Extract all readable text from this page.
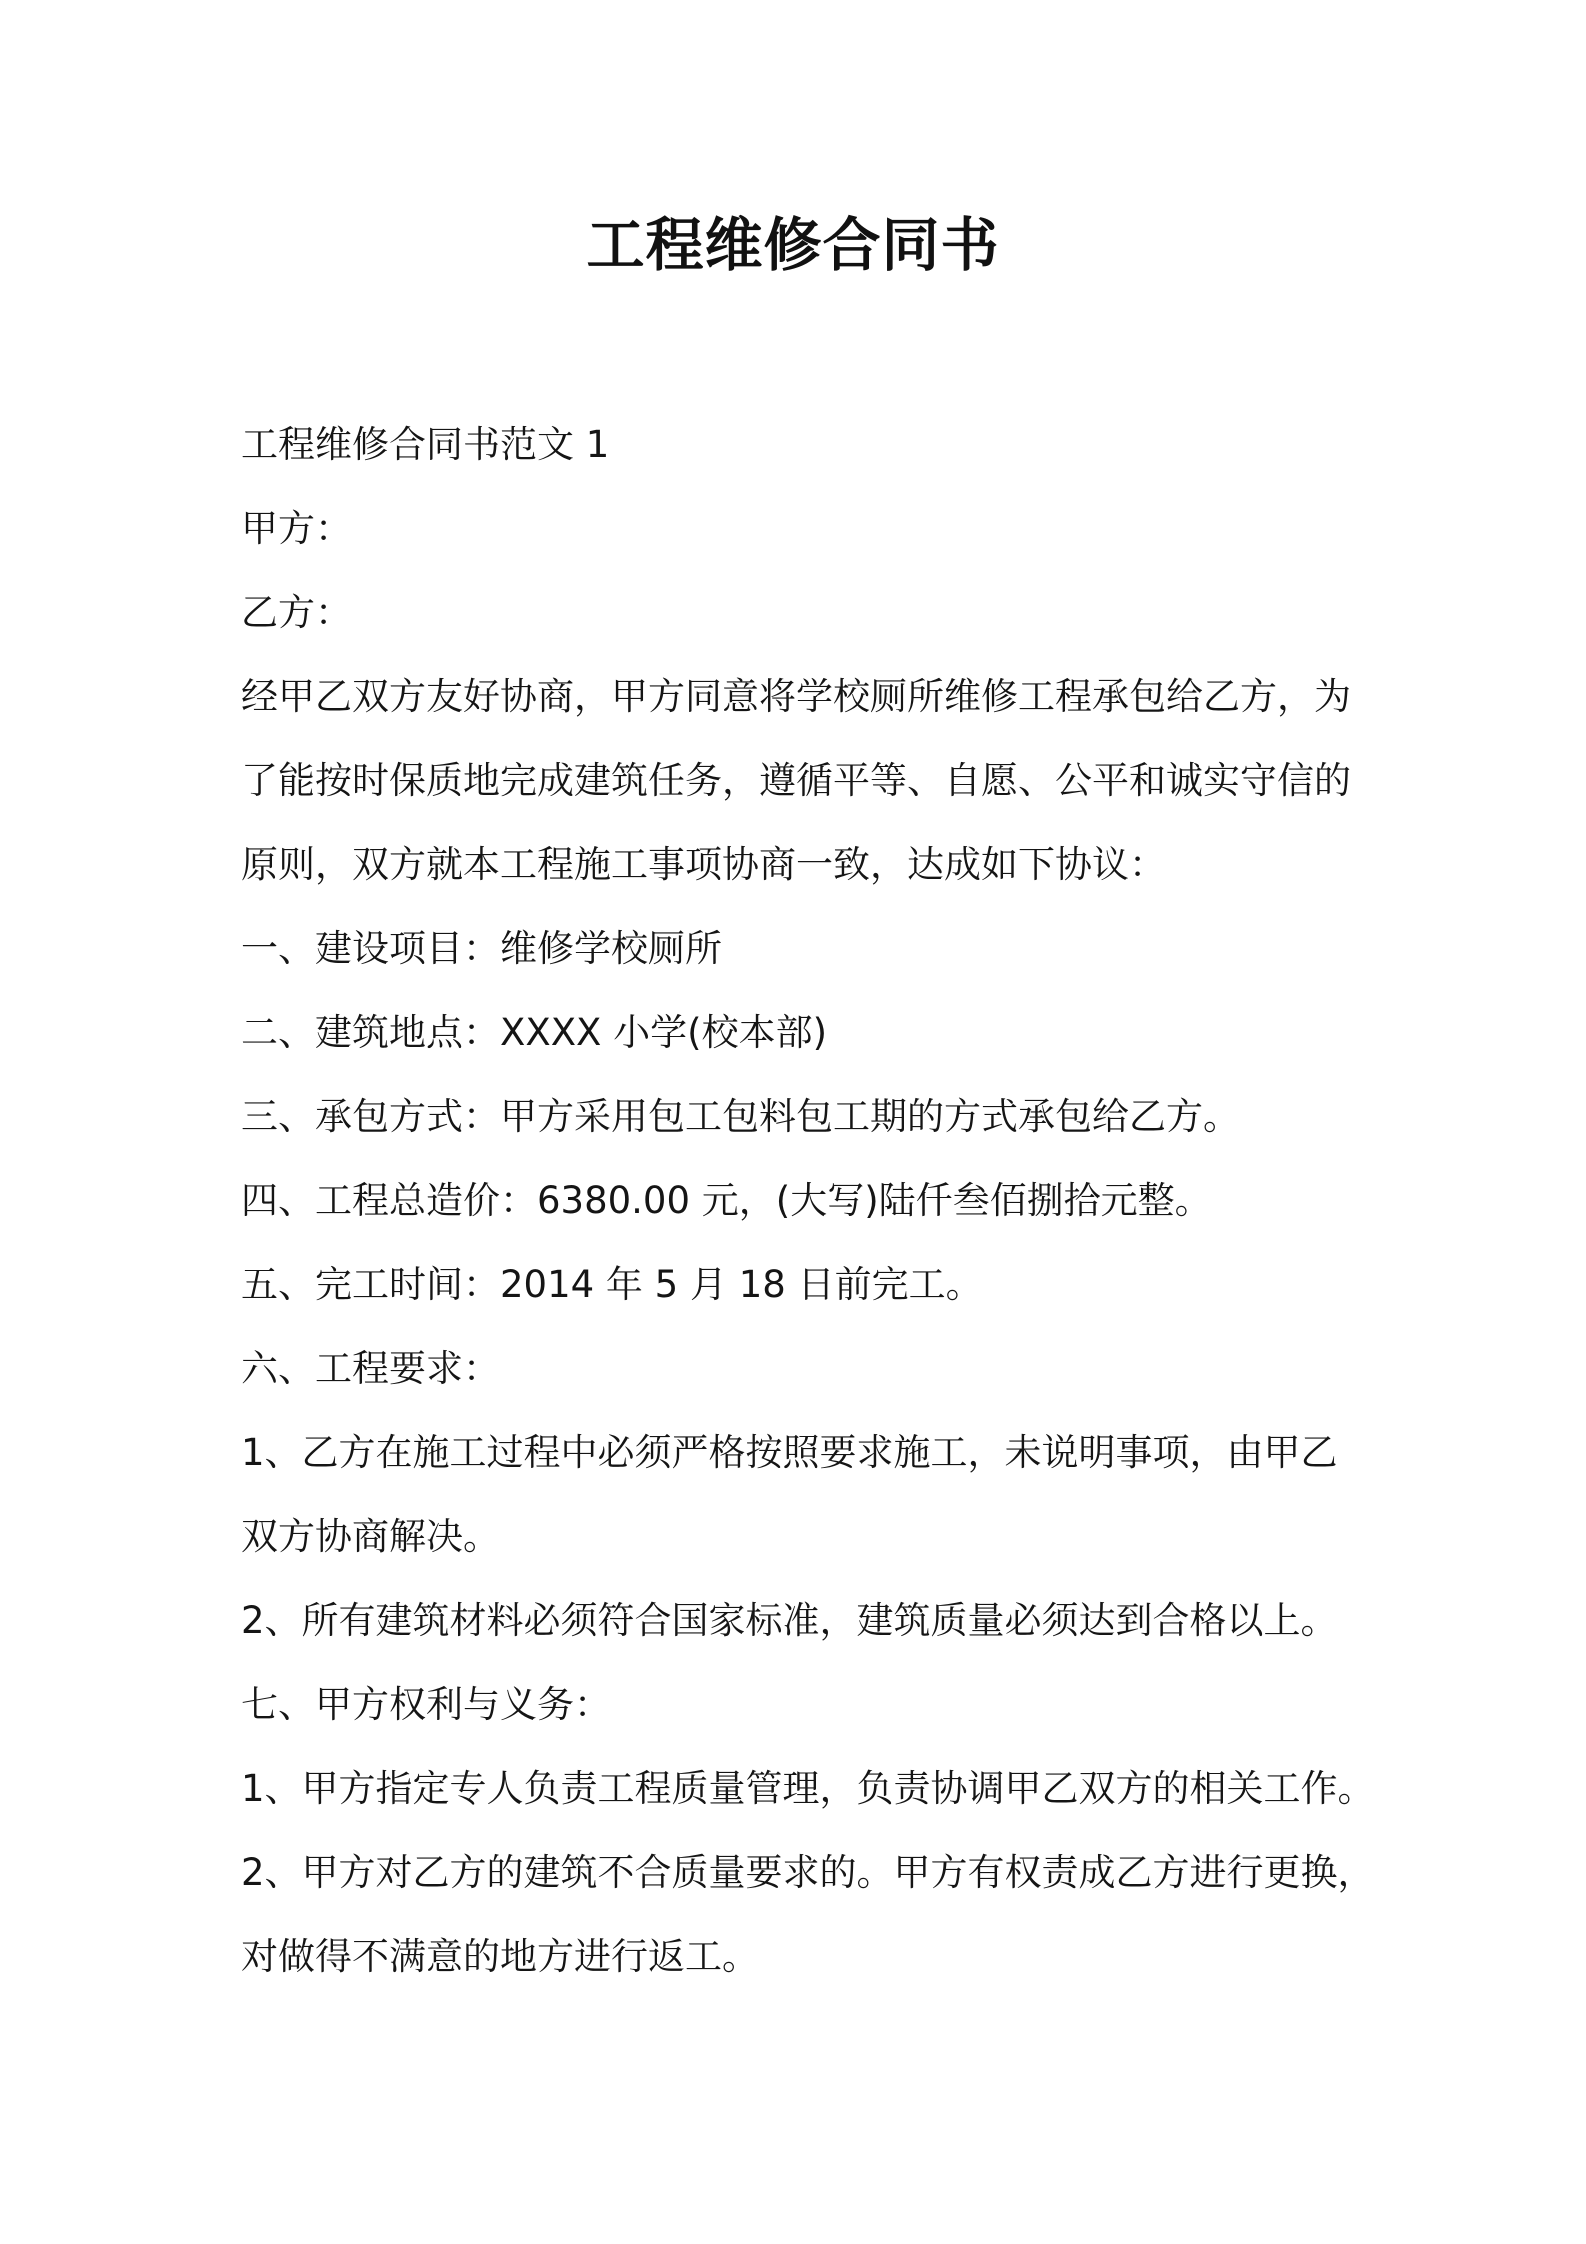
工程维修合同书
工程维修合同书范文 1
甲方：
乙方：
经甲乙双方友好协商，甲方同意将学校厕所维修工程承包给乙方，为
了能按时保质地完成建筑任务，遵循平等、自愿、公平和诚实守信的
原则，双方就本工程施工事项协商一致，达成如下协议：
一、建设项目：维修学校厕所
二、建筑地点：XXXX 小学(校本部)
三、承包方式：甲方采用包工包料包工期的方式承包给乙方。
四、工程总造价：6380.00 元，(大写)陆仟叁佰捌拾元整。
五、完工时间：2014 年 5 月 18 日前完工。
六、工程要求：
1、乙方在施工过程中必须严格按照要求施工，未说明事项，由甲乙
双方协商解决。
2、所有建筑材料必须符合国家标准，建筑质量必须达到合格以上。
七、甲方权利与义务：
1、甲方指定专人负责工程质量管理，负责协调甲乙双方的相关工作。
2、甲方对乙方的建筑不合质量要求的。甲方有权责成乙方进行更换，
对做得不满意的地方进行返工。
